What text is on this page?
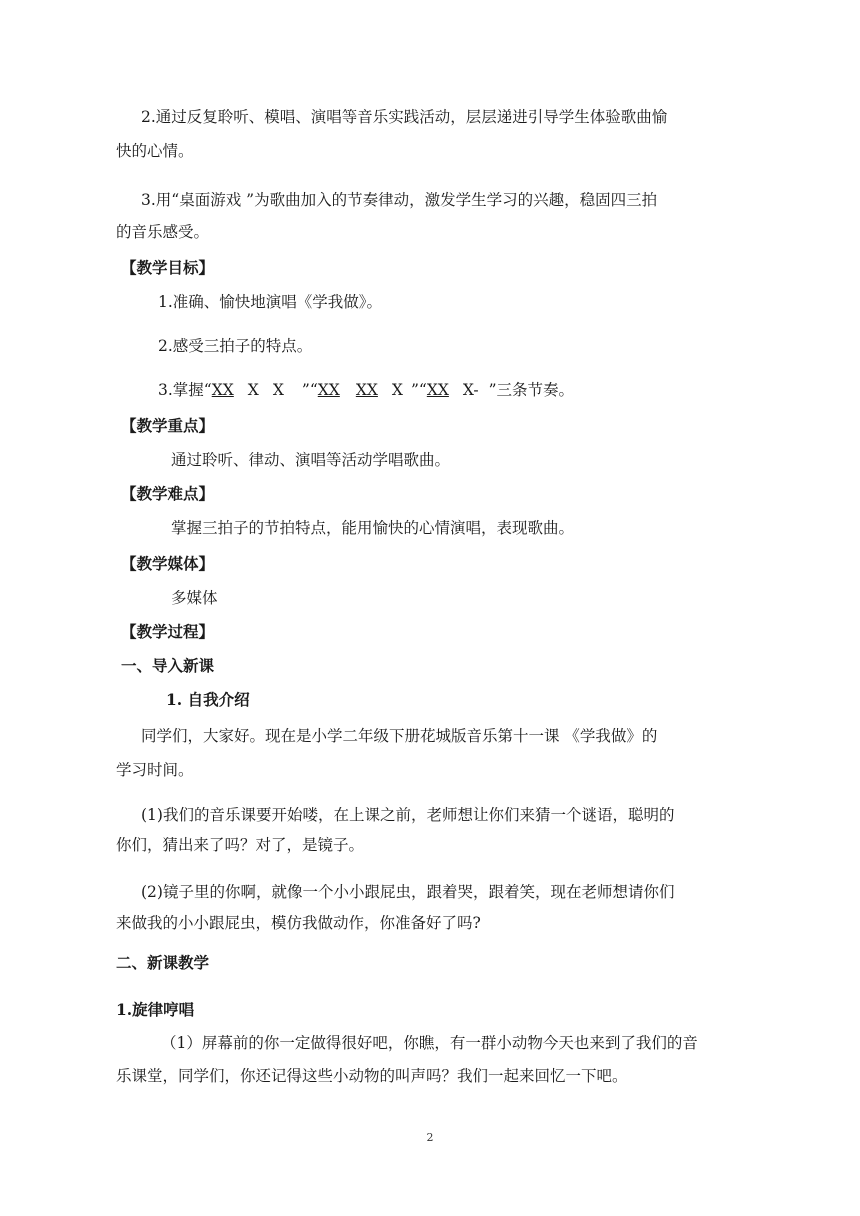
2.通过反复聆听、模唱、演唱等音乐实践活动，层层递进引导学生体验歌曲愉
快的心情。
3.用“桌面游戏 ”为歌曲加入的节奏律动，激发学生学习的兴趣，稳固四三拍
的音乐感受。
【教学目标】
1.准确、愉快地演唱《学我做》。
2.感受三拍子的特点。
3.掌握“XX X X ”“XX XX X ”“XX X- ”三条节奏。
【教学重点】
通过聆听、律动、演唱等活动学唱歌曲。
【教学难点】
掌握三拍子的节拍特点，能用愉快的心情演唱，表现歌曲。
【教学媒体】
多媒体
【教学过程】
一、导入新课
1. 自我介绍
同学们，大家好。现在是小学二年级下册花城版音乐第十一课 《学我做》的
学习时间。
(1)我们的音乐课要开始喽，在上课之前，老师想让你们来猜一个谜语，聪明的
你们，猜出来了吗？对了，是镜子。
(2)镜子里的你啊，就像一个小小跟屁虫，跟着哭，跟着笑，现在老师想请你们
来做我的小小跟屁虫，模仿我做动作，你准备好了吗?
二、新课教学
1.旋律哼唱
（1）屏幕前的你一定做得很好吧，你瞧，有一群小动物今天也来到了我们的音
乐课堂，同学们，你还记得这些小动物的叫声吗？我们一起来回忆一下吧。
2
